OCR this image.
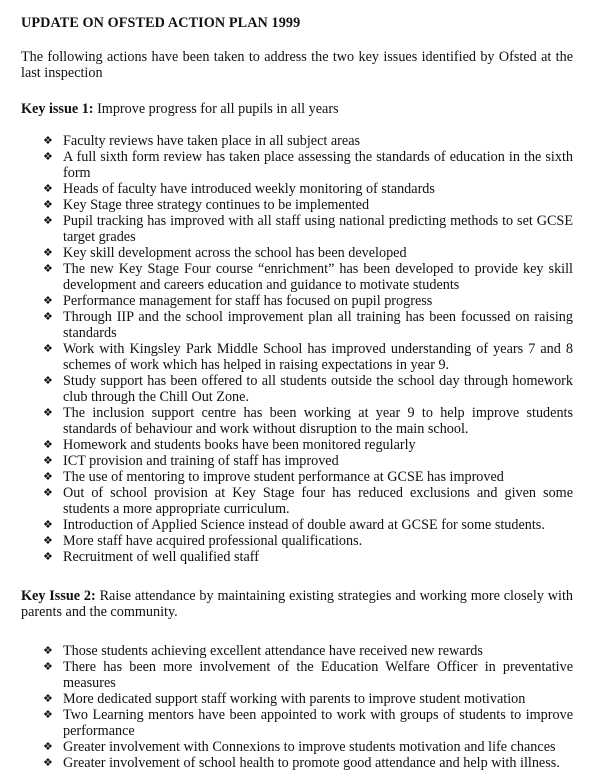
UPDATE ON OFSTED ACTION PLAN 1999

The following actions have been taken to address the two key issues identified by Ofsted at the last inspection

Key issue 1: Improve progress for all pupils in all years
❖ Faculty reviews have taken place in all subject areas
❖ A full sixth form review has taken place assessing the standards of education in the sixth form
❖ Heads of faculty have introduced weekly monitoring of standards
❖ Key Stage three strategy continues to be implemented
❖ Pupil tracking has improved with all staff using national predicting methods to set GCSE target grades
❖ Key skill development across the school has been developed
❖ The new Key Stage Four course “enrichment” has been developed to provide key skill development and careers education and guidance to motivate students
❖ Performance management for staff has focused on pupil progress
❖ Through IIP and the school improvement plan all training has been focussed on raising standards
❖ Work with Kingsley Park Middle School has improved understanding of years 7 and 8 schemes of work which has helped in raising expectations in year 9.
❖ Study support has been offered to all students outside the school day through homework club through the Chill Out Zone.
❖ The inclusion support centre has been working at year 9 to help improve students standards of behaviour and work without disruption to the main school.
❖ Homework and students books have been monitored regularly
❖ ICT provision and training of staff has improved
❖ The use of mentoring to improve student performance at GCSE has improved
❖ Out of school provision at Key Stage four has reduced exclusions and given some students a more appropriate curriculum.
❖ Introduction of Applied Science instead of double award at GCSE for some students.
❖ More staff have acquired professional qualifications.
❖ Recruitment of well qualified staff
Key Issue 2: Raise attendance by maintaining existing strategies and working more closely with parents and the community.
❖ Those students achieving excellent attendance have received new rewards
❖ There has been more involvement of the Education Welfare Officer in preventative measures
❖ More dedicated support staff working with parents to improve student motivation
❖ Two Learning mentors have been appointed to work with groups of students to improve performance
❖ Greater involvement with Connexions to improve students motivation and life chances
❖ Greater involvement of school health to promote good attendance and help with illness.
